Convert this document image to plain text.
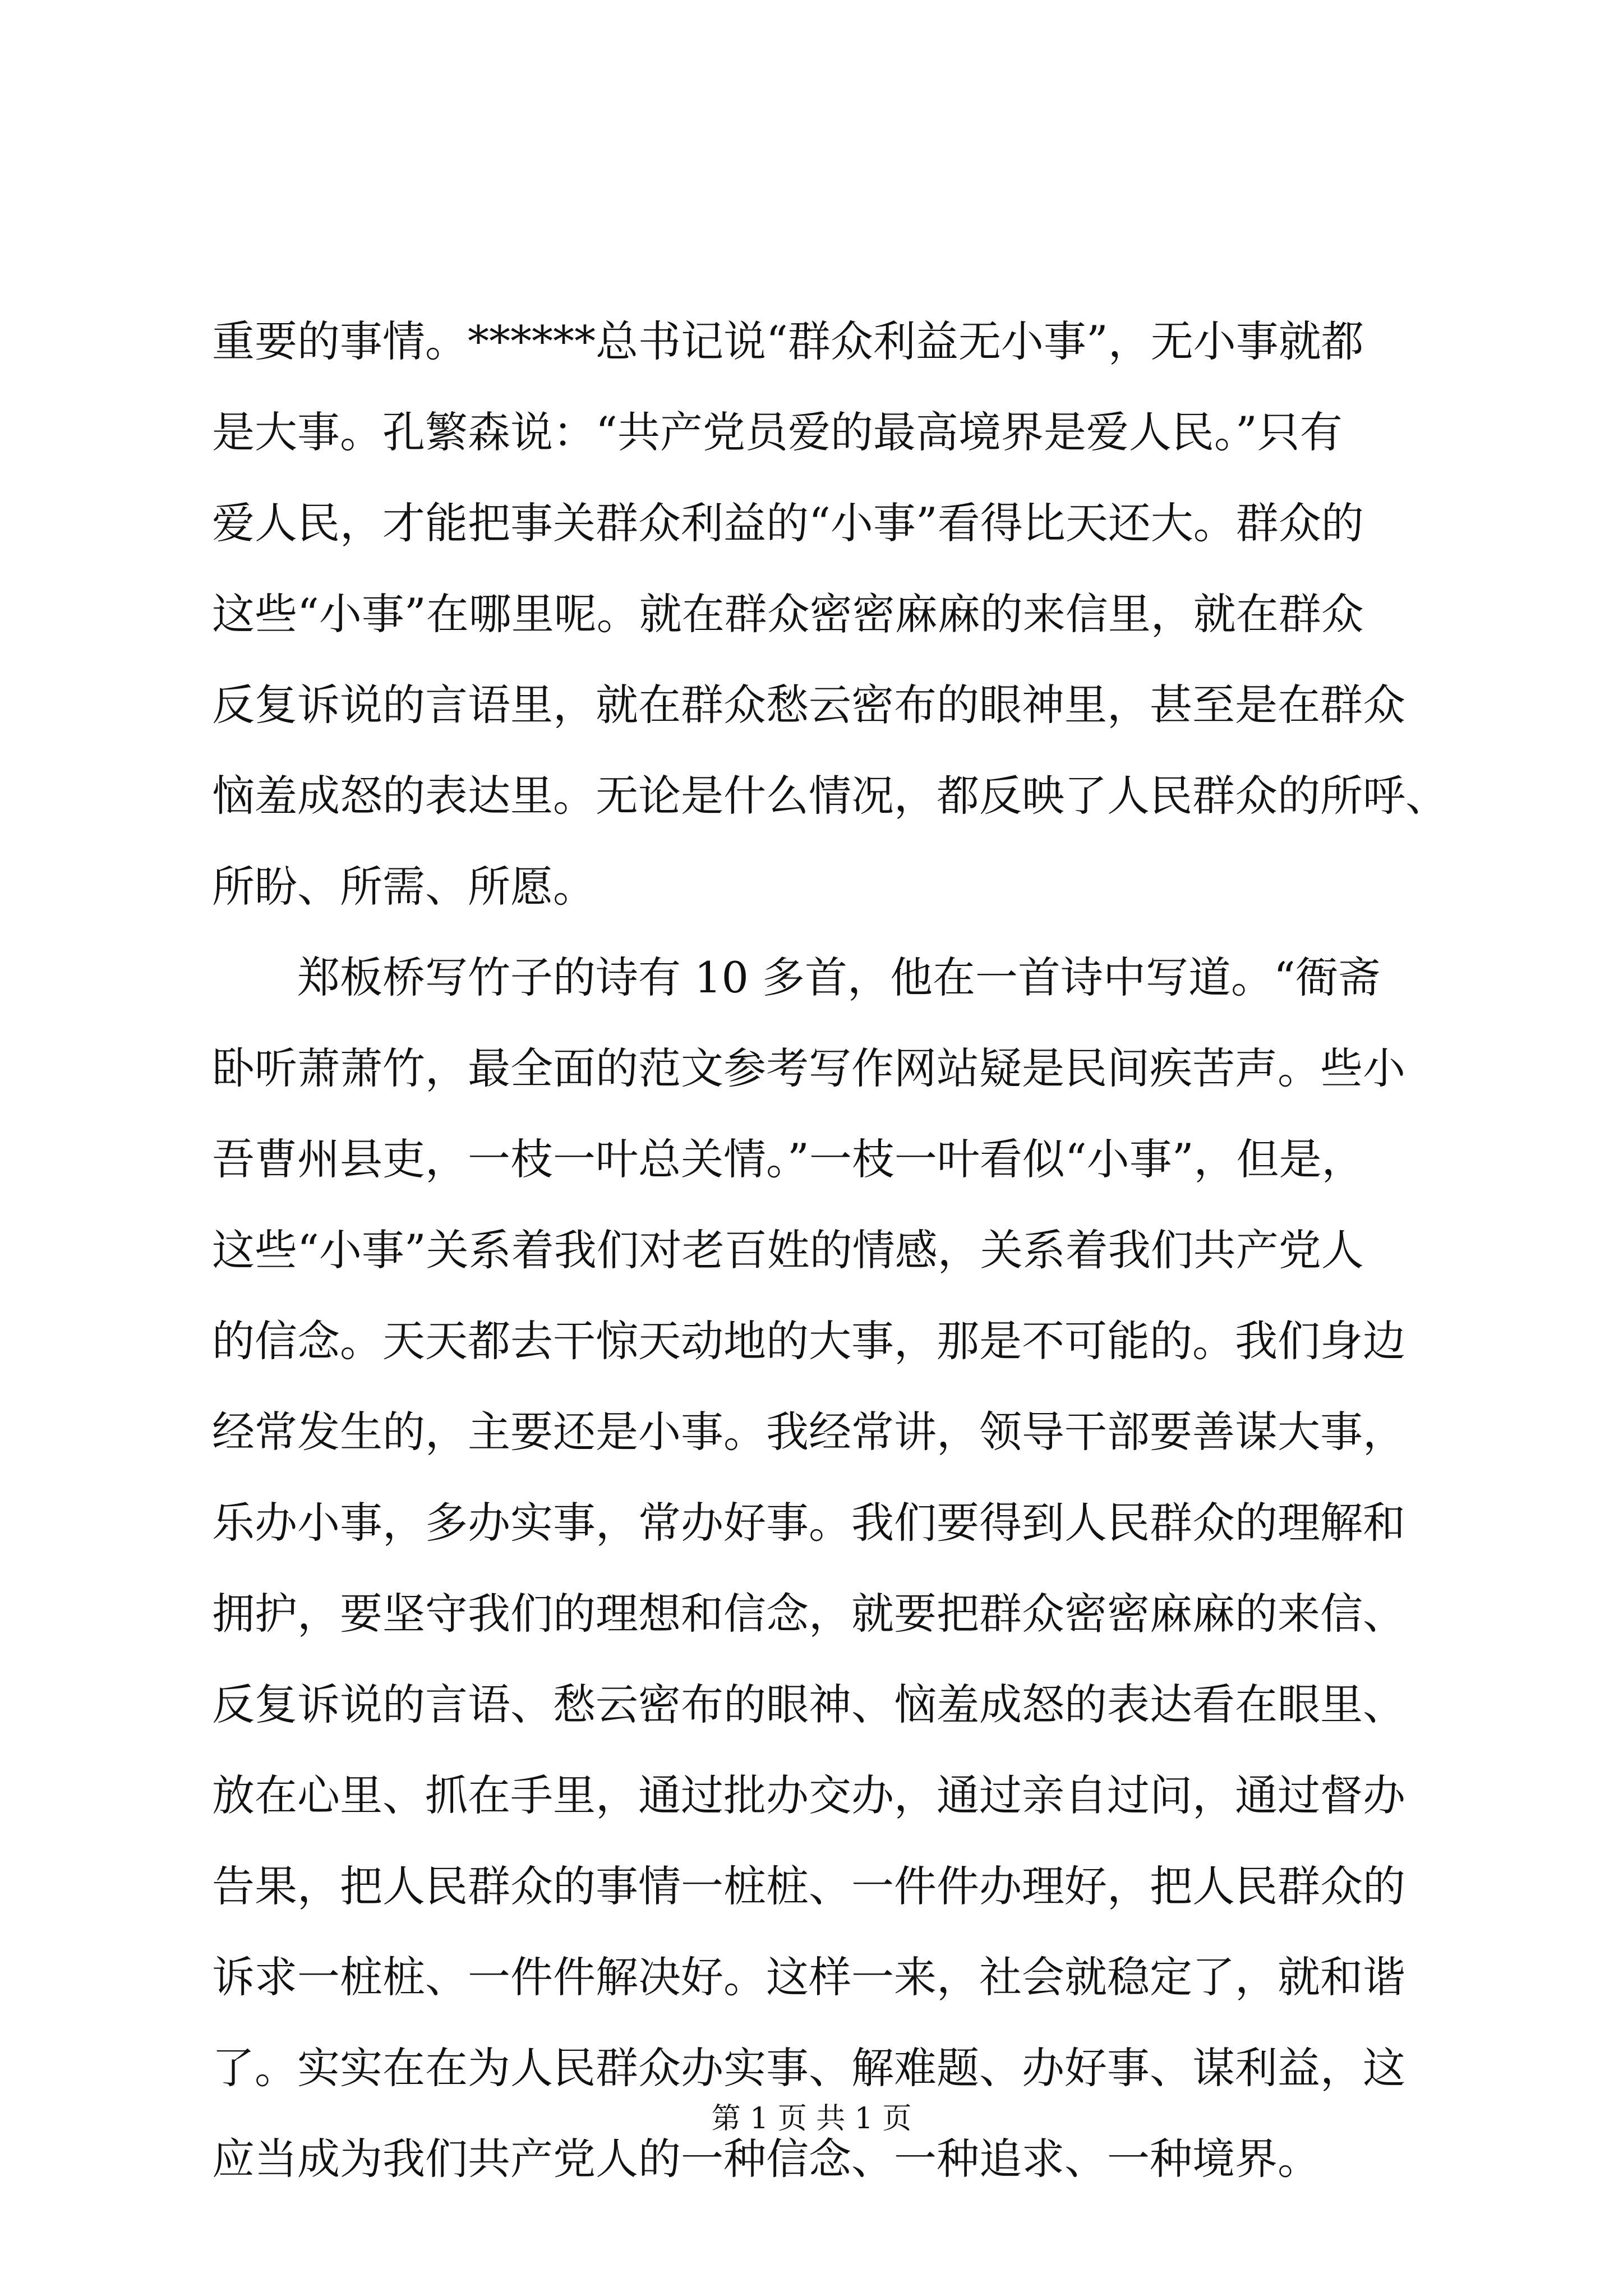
重要的事情。******总书记说“群众利益无小事”，无小事就都
是大事。孔繁森说：“共产党员爱的最高境界是爱人民。”只有
爱人民，才能把事关群众利益的“小事”看得比天还大。群众的
这些“小事”在哪里呢。就在群众密密麻麻的来信里，就在群众
反复诉说的言语里，就在群众愁云密布的眼神里，甚至是在群众
恼羞成怒的表达里。无论是什么情况，都反映了人民群众的所呼、
所盼、所需、所愿。
　　郑板桥写竹子的诗有 10 多首，他在一首诗中写道。“衙斋
卧听萧萧竹，最全面的范文参考写作网站疑是民间疾苦声。些小
吾曹州县吏，一枝一叶总关情。”一枝一叶看似“小事”，但是，
这些“小事”关系着我们对老百姓的情感，关系着我们共产党人
的信念。天天都去干惊天动地的大事，那是不可能的。我们身边
经常发生的，主要还是小事。我经常讲，领导干部要善谋大事，
乐办小事，多办实事，常办好事。我们要得到人民群众的理解和
拥护，要坚守我们的理想和信念，就要把群众密密麻麻的来信、
反复诉说的言语、愁云密布的眼神、恼羞成怒的表达看在眼里、
放在心里、抓在手里，通过批办交办，通过亲自过问，通过督办
告果，把人民群众的事情一桩桩、一件件办理好，把人民群众的
诉求一桩桩、一件件解决好。这样一来，社会就稳定了，就和谐
了。实实在在为人民群众办实事、解难题、办好事、谋利益，这
应当成为我们共产党人的一种信念、一种追求、一种境界。
第 1 页 共 1 页
